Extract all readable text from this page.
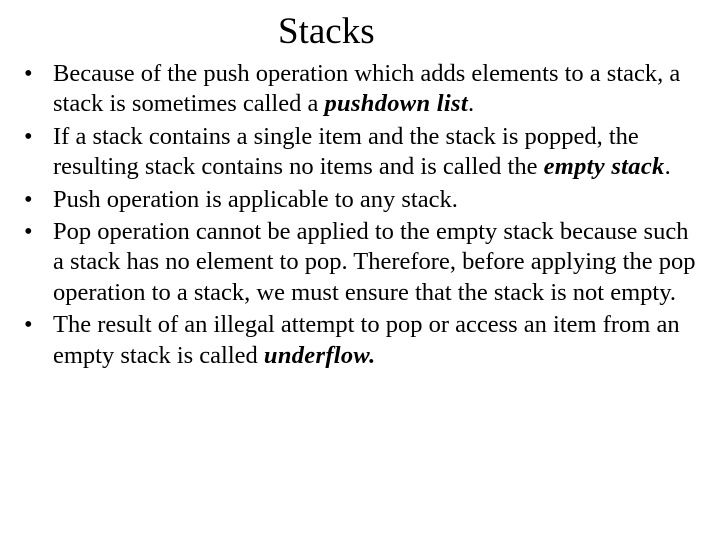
Stacks
• Because of the push operation which adds elements to a stack, a stack is sometimes called a pushdown list.
• If a stack contains a single item and the stack is popped, the resulting stack contains no items and is called the empty stack.
• Push operation is applicable to any stack.
• Pop operation cannot be applied to the empty stack because such a stack has no element to pop. Therefore, before applying the pop operation to a stack, we must ensure that the stack is not empty.
• The result of an illegal attempt to pop or access an item from an empty stack is called underflow.
